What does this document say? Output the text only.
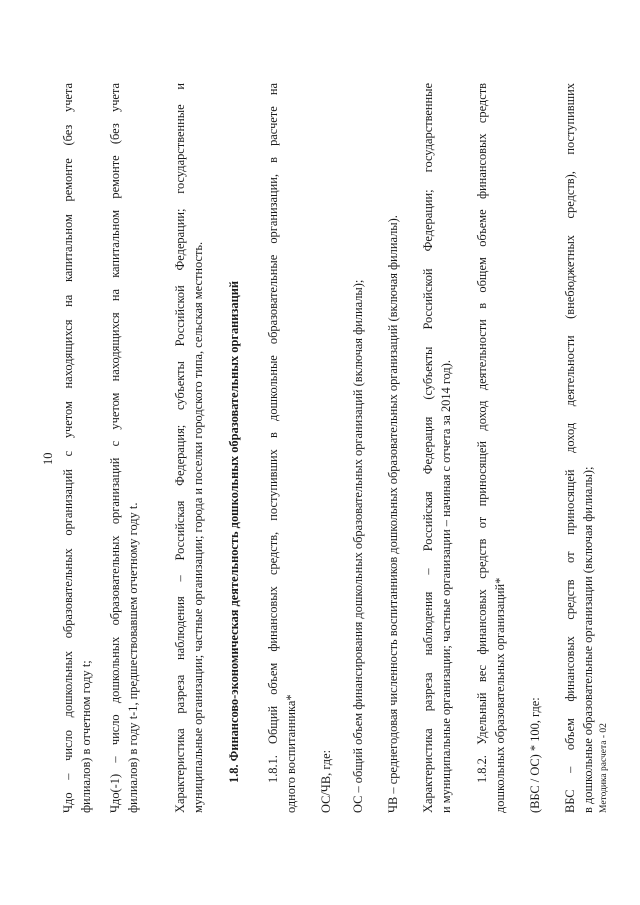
10 Чдо – число дошкольных образовательных организаций с учетом находящихся на капитальном ремонте (без учета филиалов) в отчетном году t; Чдо(-1) – число дошкольных образовательных организаций с учетом находящихся на капитальном ремонте (без учета филиалов) в году t-1, предшествовавшем отчетному году t.	Характеристика разреза наблюдения – Российская Федерация; субъекты Российской Федерации; государственные и муниципальные организации; частные организации; города и поселки городского типа, сельская местность. 1.8. Финансово-экономическая деятельность дошкольных образовательных организаций 1.8.1. Общий объем финансовых средств, поступивших в дошкольные образовательные организации, в расчете на одного воспитанника* ОС/ЧВ, где: ОС – общий объем финансирования дошкольных образовательных организаций (включая филиалы); ЧВ – среднегодовая численность воспитанников дошкольных образовательных организаций (включая филиалы). Характеристика разреза наблюдения – Российская Федерация (субъекты Российской Федерации; государственные и муниципальные организации; частные организации – начиная с отчета за 2014 год). 1.8.2. Удельный вес финансовых средств от приносящей доход деятельности в общем объеме финансовых средств дошкольных образовательных организаций* (ВБС / ОС) * 100, где: ВБС – объем финансовых средств от приносящей доход деятельности (внебюджетных средств), поступивших в дошкольные образовательные организации (включая филиалы); Методика расчета - 02
